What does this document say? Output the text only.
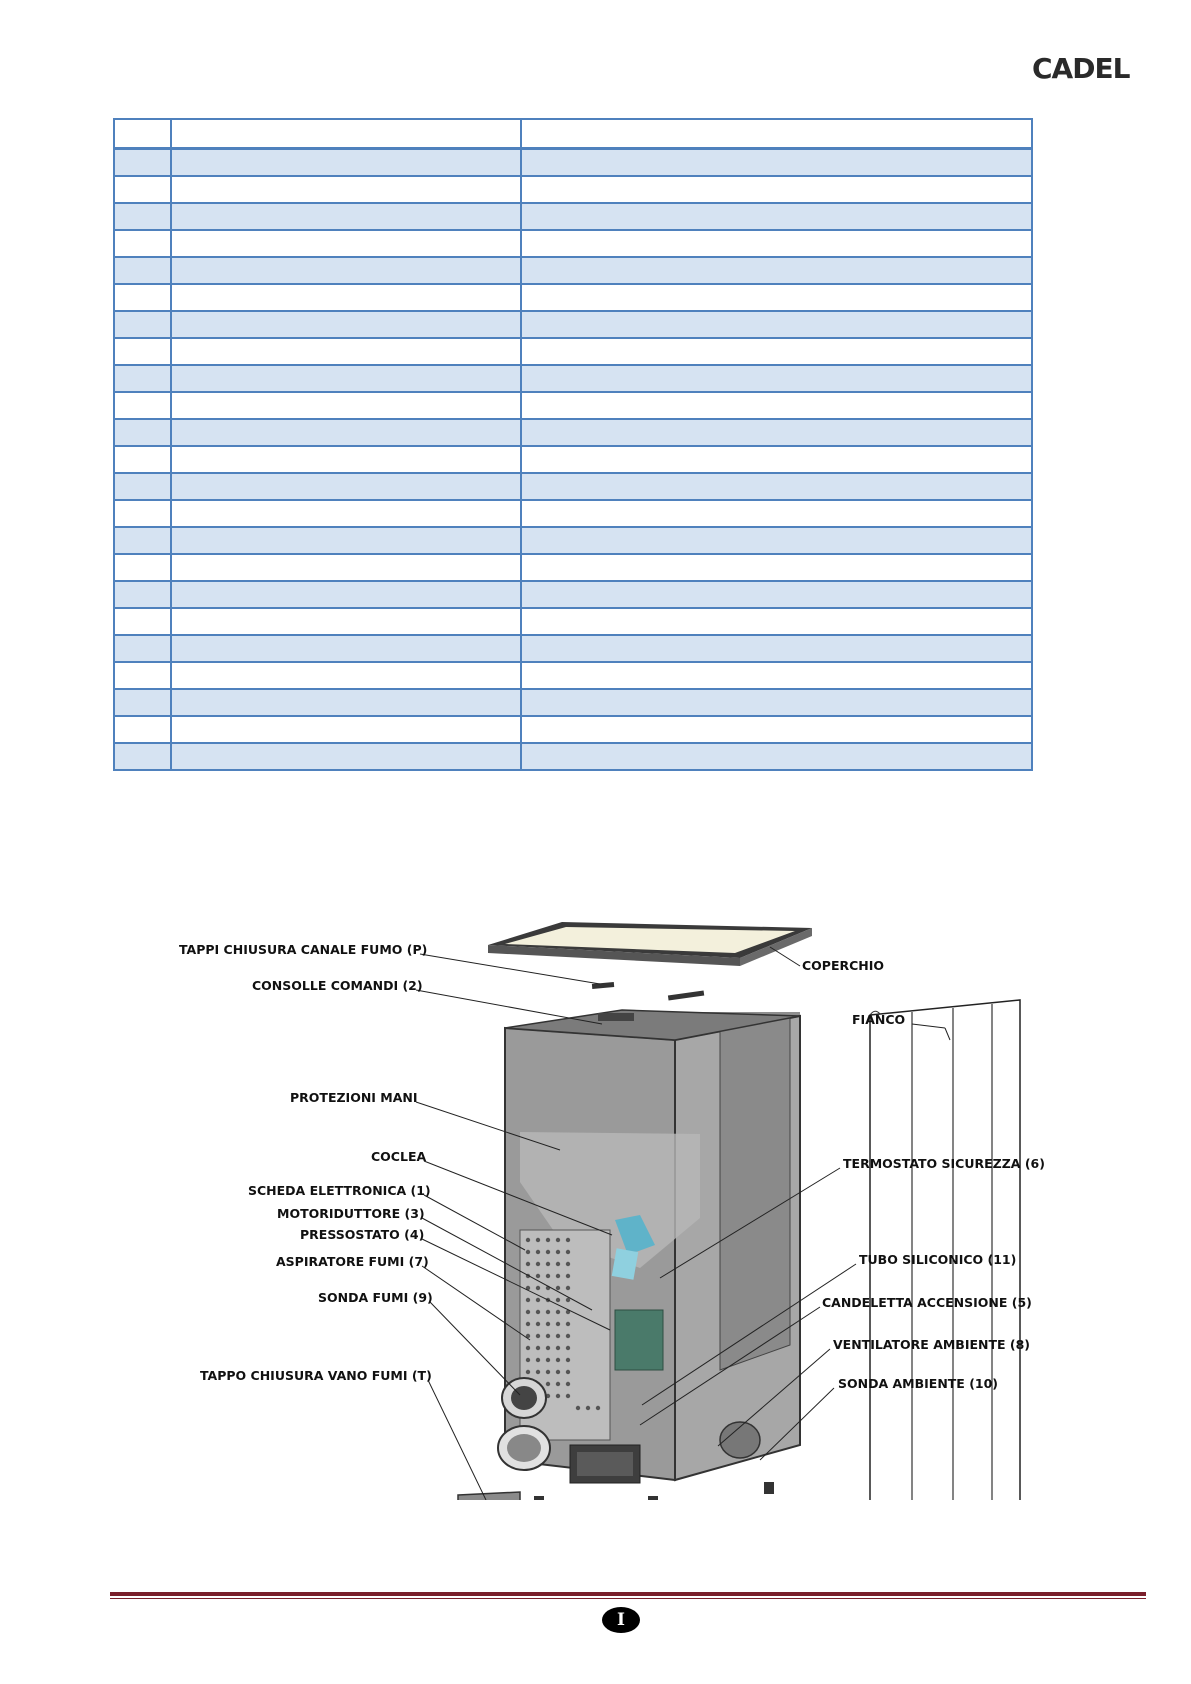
CADEL

TAPPI CHIUSURA CANALE FUMO (P)
CONSOLLE COMANDI (2)
PROTEZIONI MANI
COCLEA
SCHEDA ELETTRONICA (1)
MOTORIDUTTORE (3)
PRESSOSTATO (4)
ASPIRATORE FUMI (7)
SONDA FUMI (9)
TAPPO CHIUSURA VANO FUMI (T)
COPERCHIO
FIANCO
TERMOSTATO SICUREZZA (6)
TUBO SILICONICO (11)
CANDELETTA ACCENSIONE (5)
VENTILATORE AMBIENTE (8)
SONDA AMBIENTE (10)
I
